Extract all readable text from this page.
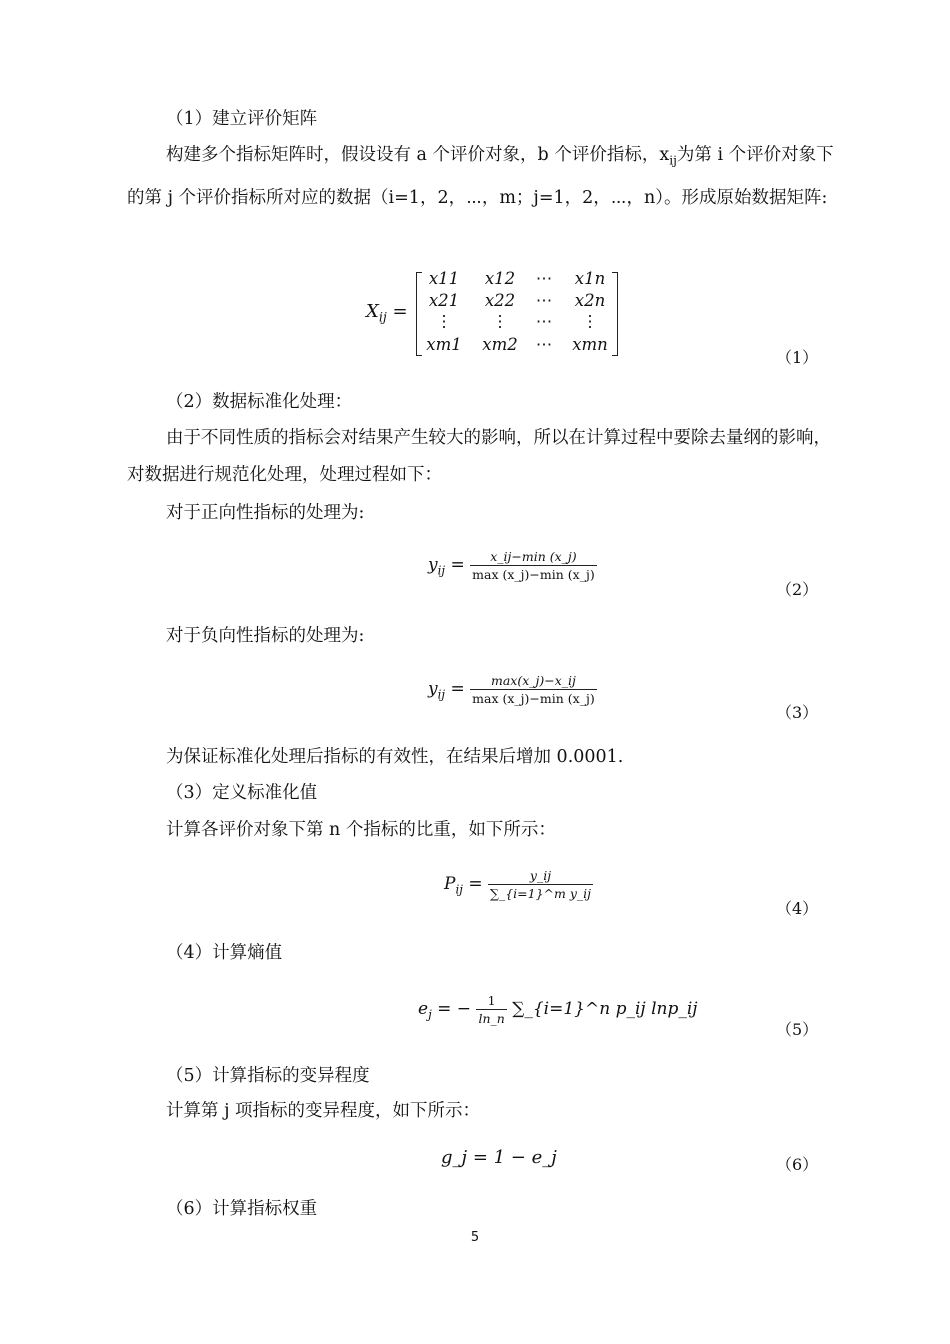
（1）建立评价矩阵
构建多个指标矩阵时，假设设有 a 个评价对象，b 个评价指标，$x_{ij}$为第 i 个评价对象下的第 j 个评价指标所对应的数据（i=1，2，⋯，m；j=1，2，⋯，n）。形成原始数据矩阵:
$X_{ij}$ =
x11	x12	⋯	x1n
x21	x22	⋯	x2n
⋮	⋮	⋯	⋮
xm1	xm2	⋯	xmn
（1）
（2）数据标准化处理：
由于不同性质的指标会对结果产生较大的影响，所以在计算过程中要除去量纲的影响，对数据进行规范化处理，处理过程如下：
对于正向性指标的处理为:
$y_{ij} = \frac{x\_ij-\min (x\_j)}{\max (x\_j)-\min (x\_j)}$
（2）
对于负向性指标的处理为:
$y_{ij} = \frac{\max(x\_j)-x\_ij}{\max (x\_j)-\min (x\_j)}$
（3）
为保证标准化处理后指标的有效性，在结果后增加 0.0001.
（3）定义标准化值
计算各评价对象下第 n 个指标的比重，如下所示：
$P_{ij} = \frac{y\_ij}{\text{∑\_\{i=1\}\textasciicircum{}m y\_ij}}$
（4）
（4）计算熵值
$e_j$ = − $\frac{1}{\ln\_n}$ ∑_{i=1}^n p_ij lnp_ij
（5）
（5）计算指标的变异程度
计算第 j 项指标的变异程度，如下所示：
g_j = 1 − e_j	（6）
（6）计算指标权重
5
